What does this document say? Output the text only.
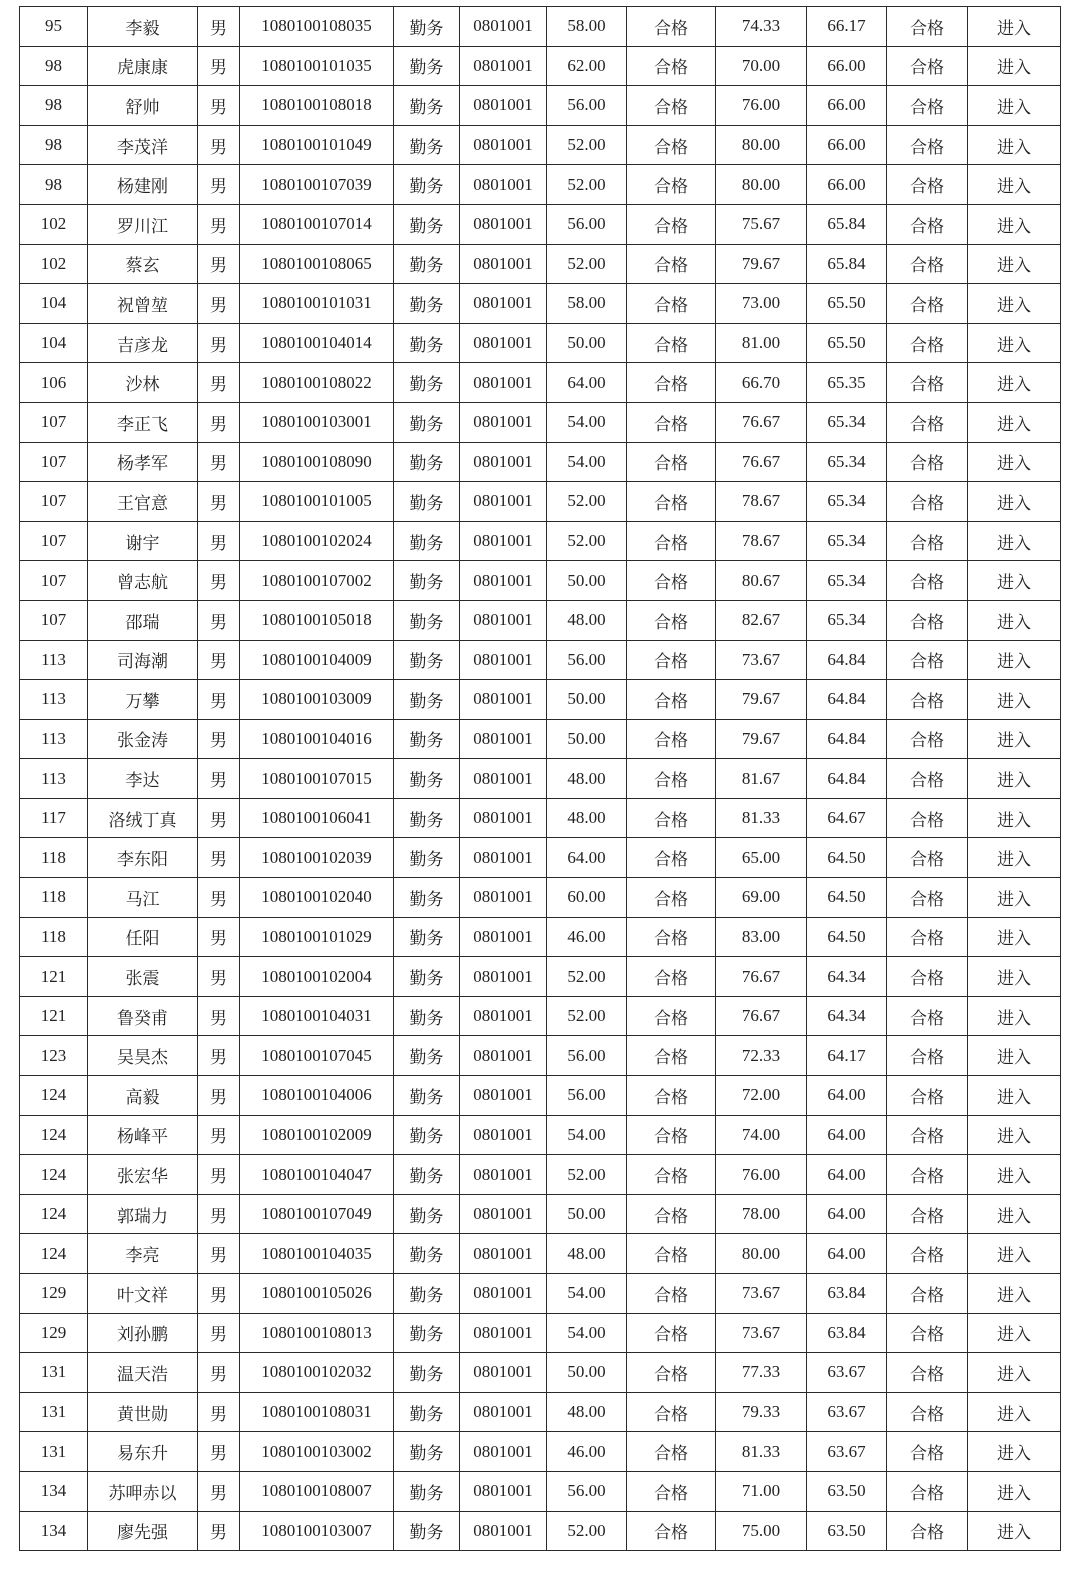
95	李毅	男	1080100108035	勤务	0801001	58.00	合格	74.33	66.17	合格	进入
98	虎康康	男	1080100101035	勤务	0801001	62.00	合格	70.00	66.00	合格	进入
98	舒帅	男	1080100108018	勤务	0801001	56.00	合格	76.00	66.00	合格	进入
98	李茂洋	男	1080100101049	勤务	0801001	52.00	合格	80.00	66.00	合格	进入
98	杨建刚	男	1080100107039	勤务	0801001	52.00	合格	80.00	66.00	合格	进入
102	罗川江	男	1080100107014	勤务	0801001	56.00	合格	75.67	65.84	合格	进入
102	蔡玄	男	1080100108065	勤务	0801001	52.00	合格	79.67	65.84	合格	进入
104	祝曾堃	男	1080100101031	勤务	0801001	58.00	合格	73.00	65.50	合格	进入
104	吉彦龙	男	1080100104014	勤务	0801001	50.00	合格	81.00	65.50	合格	进入
106	沙林	男	1080100108022	勤务	0801001	64.00	合格	66.70	65.35	合格	进入
107	李正飞	男	1080100103001	勤务	0801001	54.00	合格	76.67	65.34	合格	进入
107	杨孝军	男	1080100108090	勤务	0801001	54.00	合格	76.67	65.34	合格	进入
107	王官意	男	1080100101005	勤务	0801001	52.00	合格	78.67	65.34	合格	进入
107	谢宇	男	1080100102024	勤务	0801001	52.00	合格	78.67	65.34	合格	进入
107	曾志航	男	1080100107002	勤务	0801001	50.00	合格	80.67	65.34	合格	进入
107	邵瑞	男	1080100105018	勤务	0801001	48.00	合格	82.67	65.34	合格	进入
113	司海潮	男	1080100104009	勤务	0801001	56.00	合格	73.67	64.84	合格	进入
113	万攀	男	1080100103009	勤务	0801001	50.00	合格	79.67	64.84	合格	进入
113	张金涛	男	1080100104016	勤务	0801001	50.00	合格	79.67	64.84	合格	进入
113	李达	男	1080100107015	勤务	0801001	48.00	合格	81.67	64.84	合格	进入
117	洛绒丁真	男	1080100106041	勤务	0801001	48.00	合格	81.33	64.67	合格	进入
118	李东阳	男	1080100102039	勤务	0801001	64.00	合格	65.00	64.50	合格	进入
118	马江	男	1080100102040	勤务	0801001	60.00	合格	69.00	64.50	合格	进入
118	任阳	男	1080100101029	勤务	0801001	46.00	合格	83.00	64.50	合格	进入
121	张震	男	1080100102004	勤务	0801001	52.00	合格	76.67	64.34	合格	进入
121	鲁癸甫	男	1080100104031	勤务	0801001	52.00	合格	76.67	64.34	合格	进入
123	吴昊杰	男	1080100107045	勤务	0801001	56.00	合格	72.33	64.17	合格	进入
124	高毅	男	1080100104006	勤务	0801001	56.00	合格	72.00	64.00	合格	进入
124	杨峰平	男	1080100102009	勤务	0801001	54.00	合格	74.00	64.00	合格	进入
124	张宏华	男	1080100104047	勤务	0801001	52.00	合格	76.00	64.00	合格	进入
124	郭瑞力	男	1080100107049	勤务	0801001	50.00	合格	78.00	64.00	合格	进入
124	李亮	男	1080100104035	勤务	0801001	48.00	合格	80.00	64.00	合格	进入
129	叶文祥	男	1080100105026	勤务	0801001	54.00	合格	73.67	63.84	合格	进入
129	刘孙鹏	男	1080100108013	勤务	0801001	54.00	合格	73.67	63.84	合格	进入
131	温天浩	男	1080100102032	勤务	0801001	50.00	合格	77.33	63.67	合格	进入
131	黄世勋	男	1080100108031	勤务	0801001	48.00	合格	79.33	63.67	合格	进入
131	易东升	男	1080100103002	勤务	0801001	46.00	合格	81.33	63.67	合格	进入
134	苏呷赤以	男	1080100108007	勤务	0801001	56.00	合格	71.00	63.50	合格	进入
134	廖先强	男	1080100103007	勤务	0801001	52.00	合格	75.00	63.50	合格	进入
